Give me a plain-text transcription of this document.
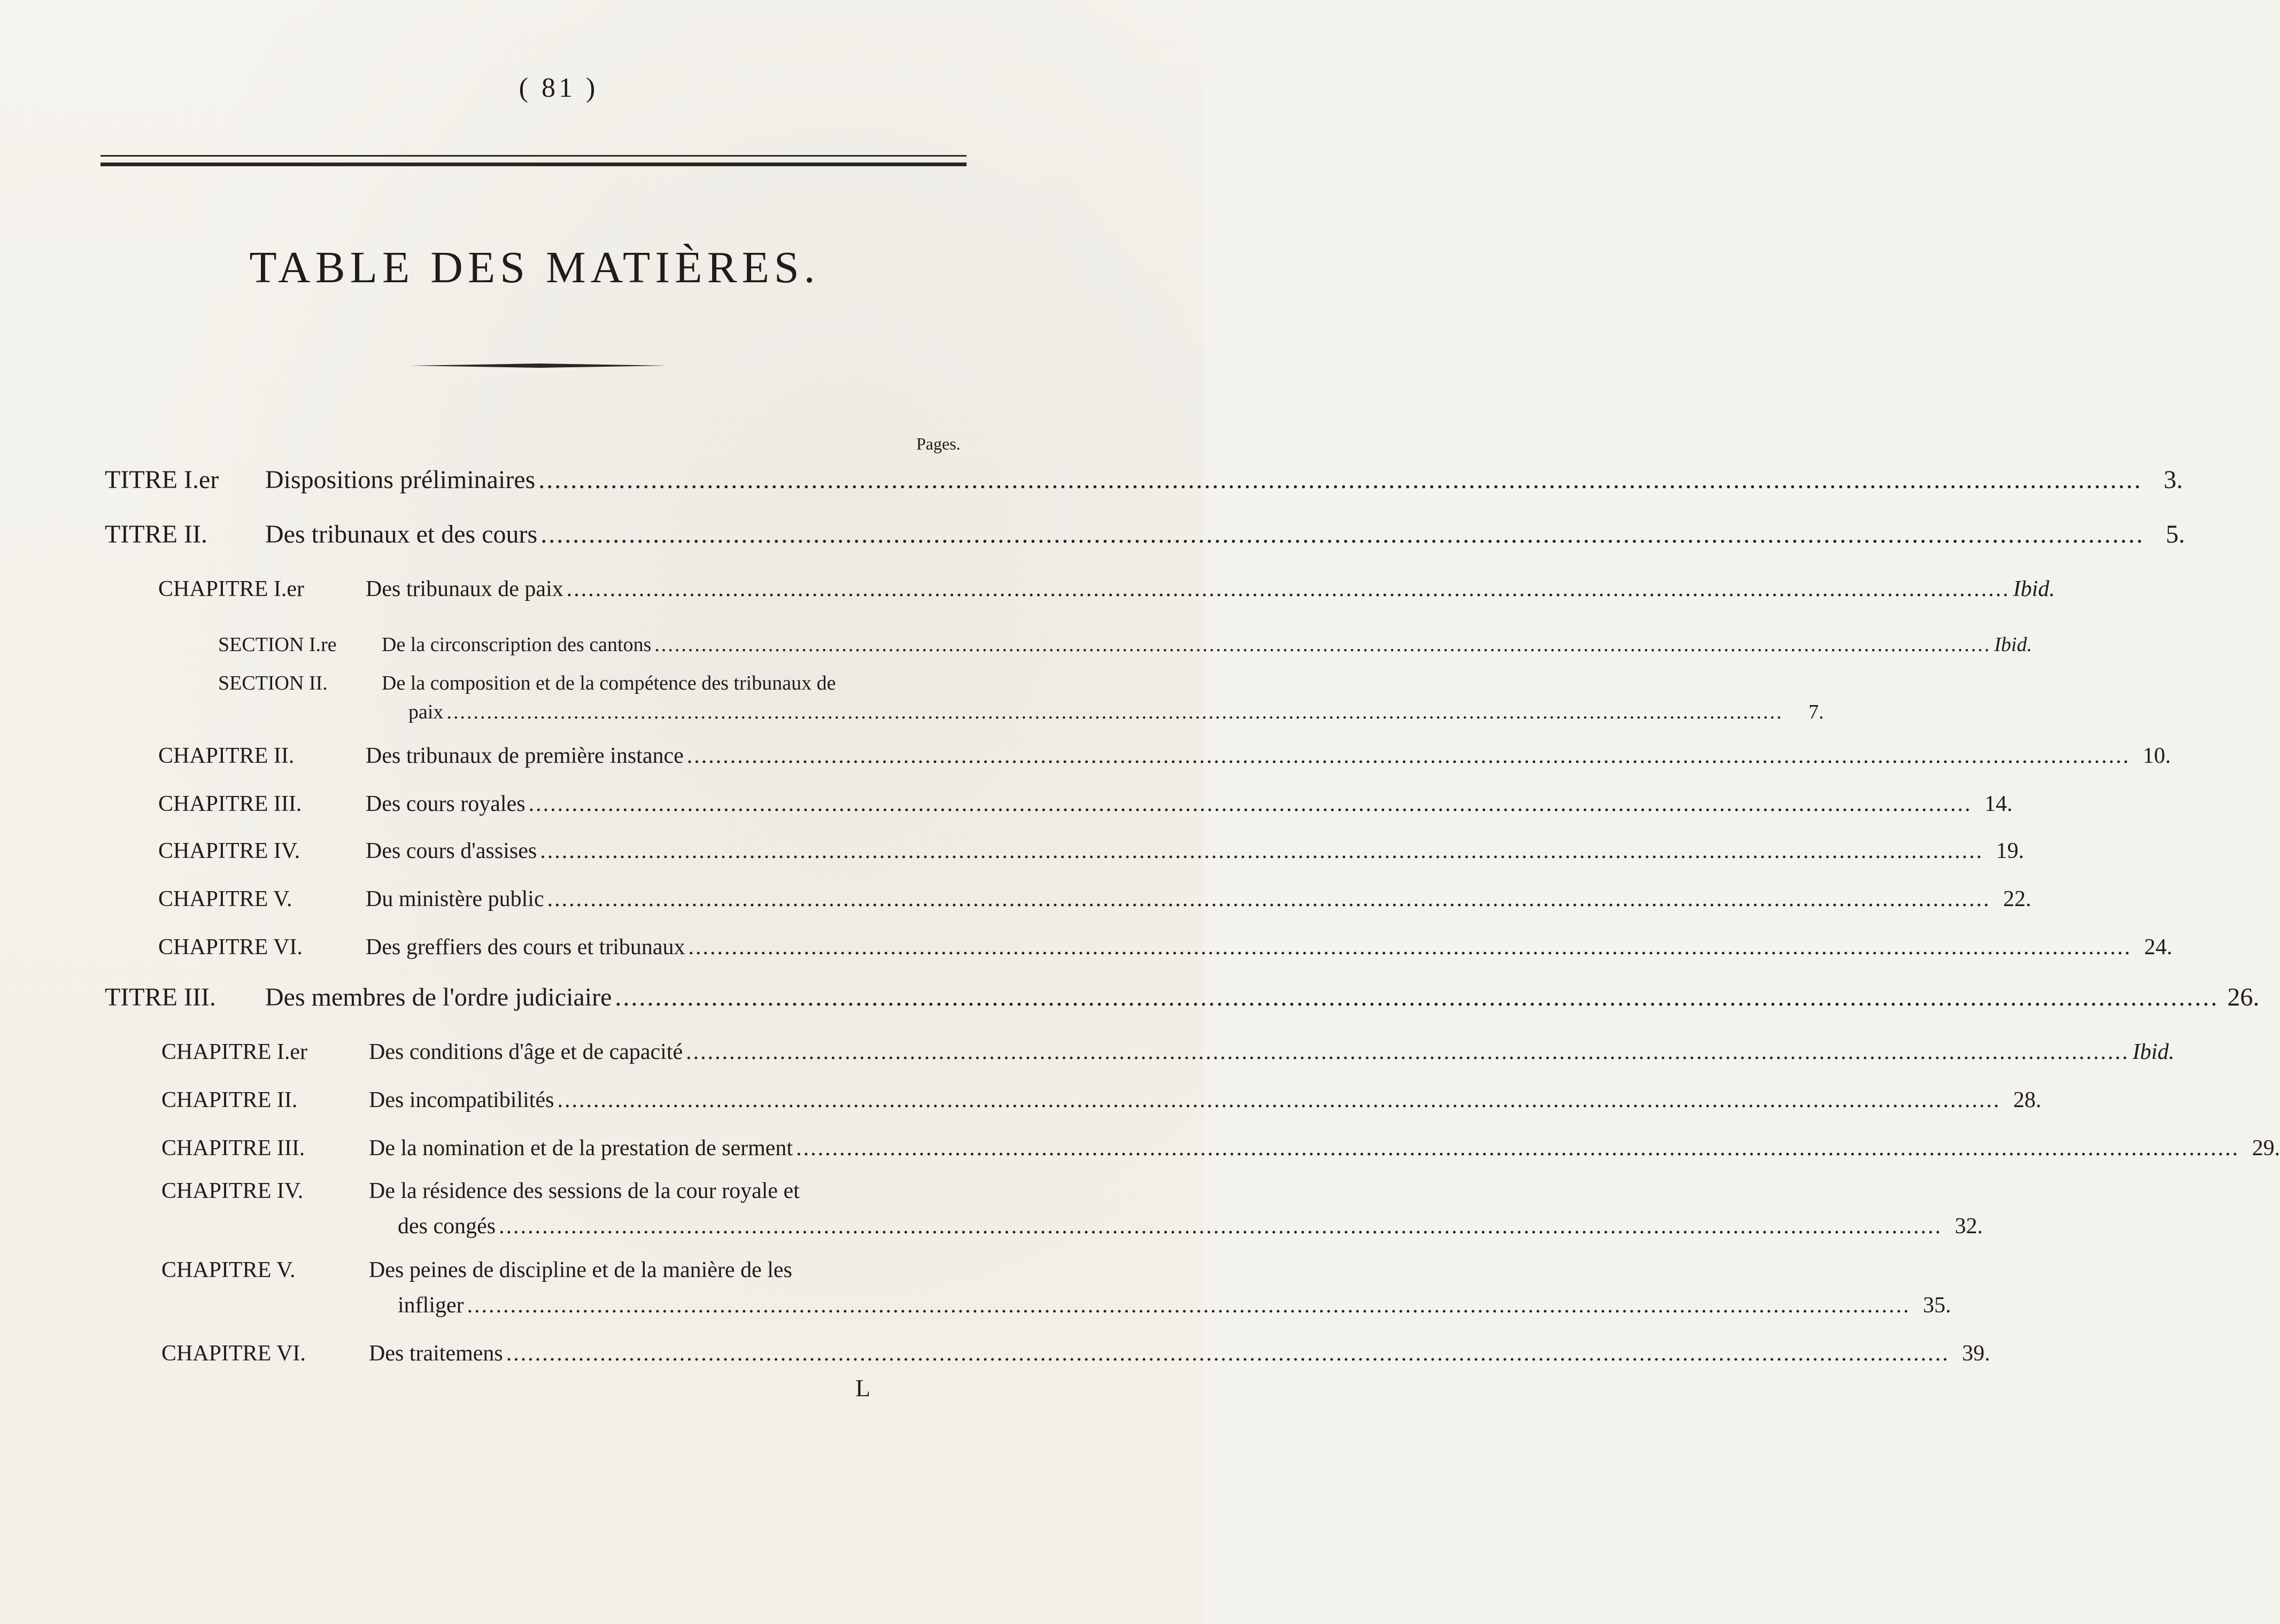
( 81 )
TABLE DES MATIÈRES.
Pages.
TITRE I.er	Dispositions préliminaires ........................................................................................................................................................................................................ 3.
TITRE II.	Des tribunaux et des cours ........................................................................................................................................................................................................ 5.
CHAPITRE I.er	Des tribunaux de paix ........................................................................................................................................................................................................ Ibid.
SECTION I.re	De la circonscription des cantons ........................................................................................................................................................................................................ Ibid.
SECTION II.	De la composition et de la compétence des tribunaux de
paix ........................................................................................................................................................................................................	7.
CHAPITRE II.	Des tribunaux de première instance ........................................................................................................................................................................................................ 10.
CHAPITRE III.	Des cours royales ........................................................................................................................................................................................................ 14.
CHAPITRE IV.	Des cours d'assises ........................................................................................................................................................................................................ 19.
CHAPITRE V.	Du ministère public ........................................................................................................................................................................................................ 22.
CHAPITRE VI.	Des greffiers des cours et tribunaux ........................................................................................................................................................................................................ 24.
TITRE III.	Des membres de l'ordre judiciaire ........................................................................................................................................................................................................ 26.
CHAPITRE I.er	Des conditions d'âge et de capacité ........................................................................................................................................................................................................ Ibid.
CHAPITRE II.	Des incompatibilités ........................................................................................................................................................................................................ 28.
CHAPITRE III.	De la nomination et de la prestation de serment ........................................................................................................................................................................................................ 29.
CHAPITRE IV.	De la résidence des sessions de la cour royale et
des congés ........................................................................................................................................................................................................ 32.
CHAPITRE V.	Des peines de discipline et de la manière de les
infliger ........................................................................................................................................................................................................ 35.
CHAPITRE VI.	Des traitemens ........................................................................................................................................................................................................ 39.
L
